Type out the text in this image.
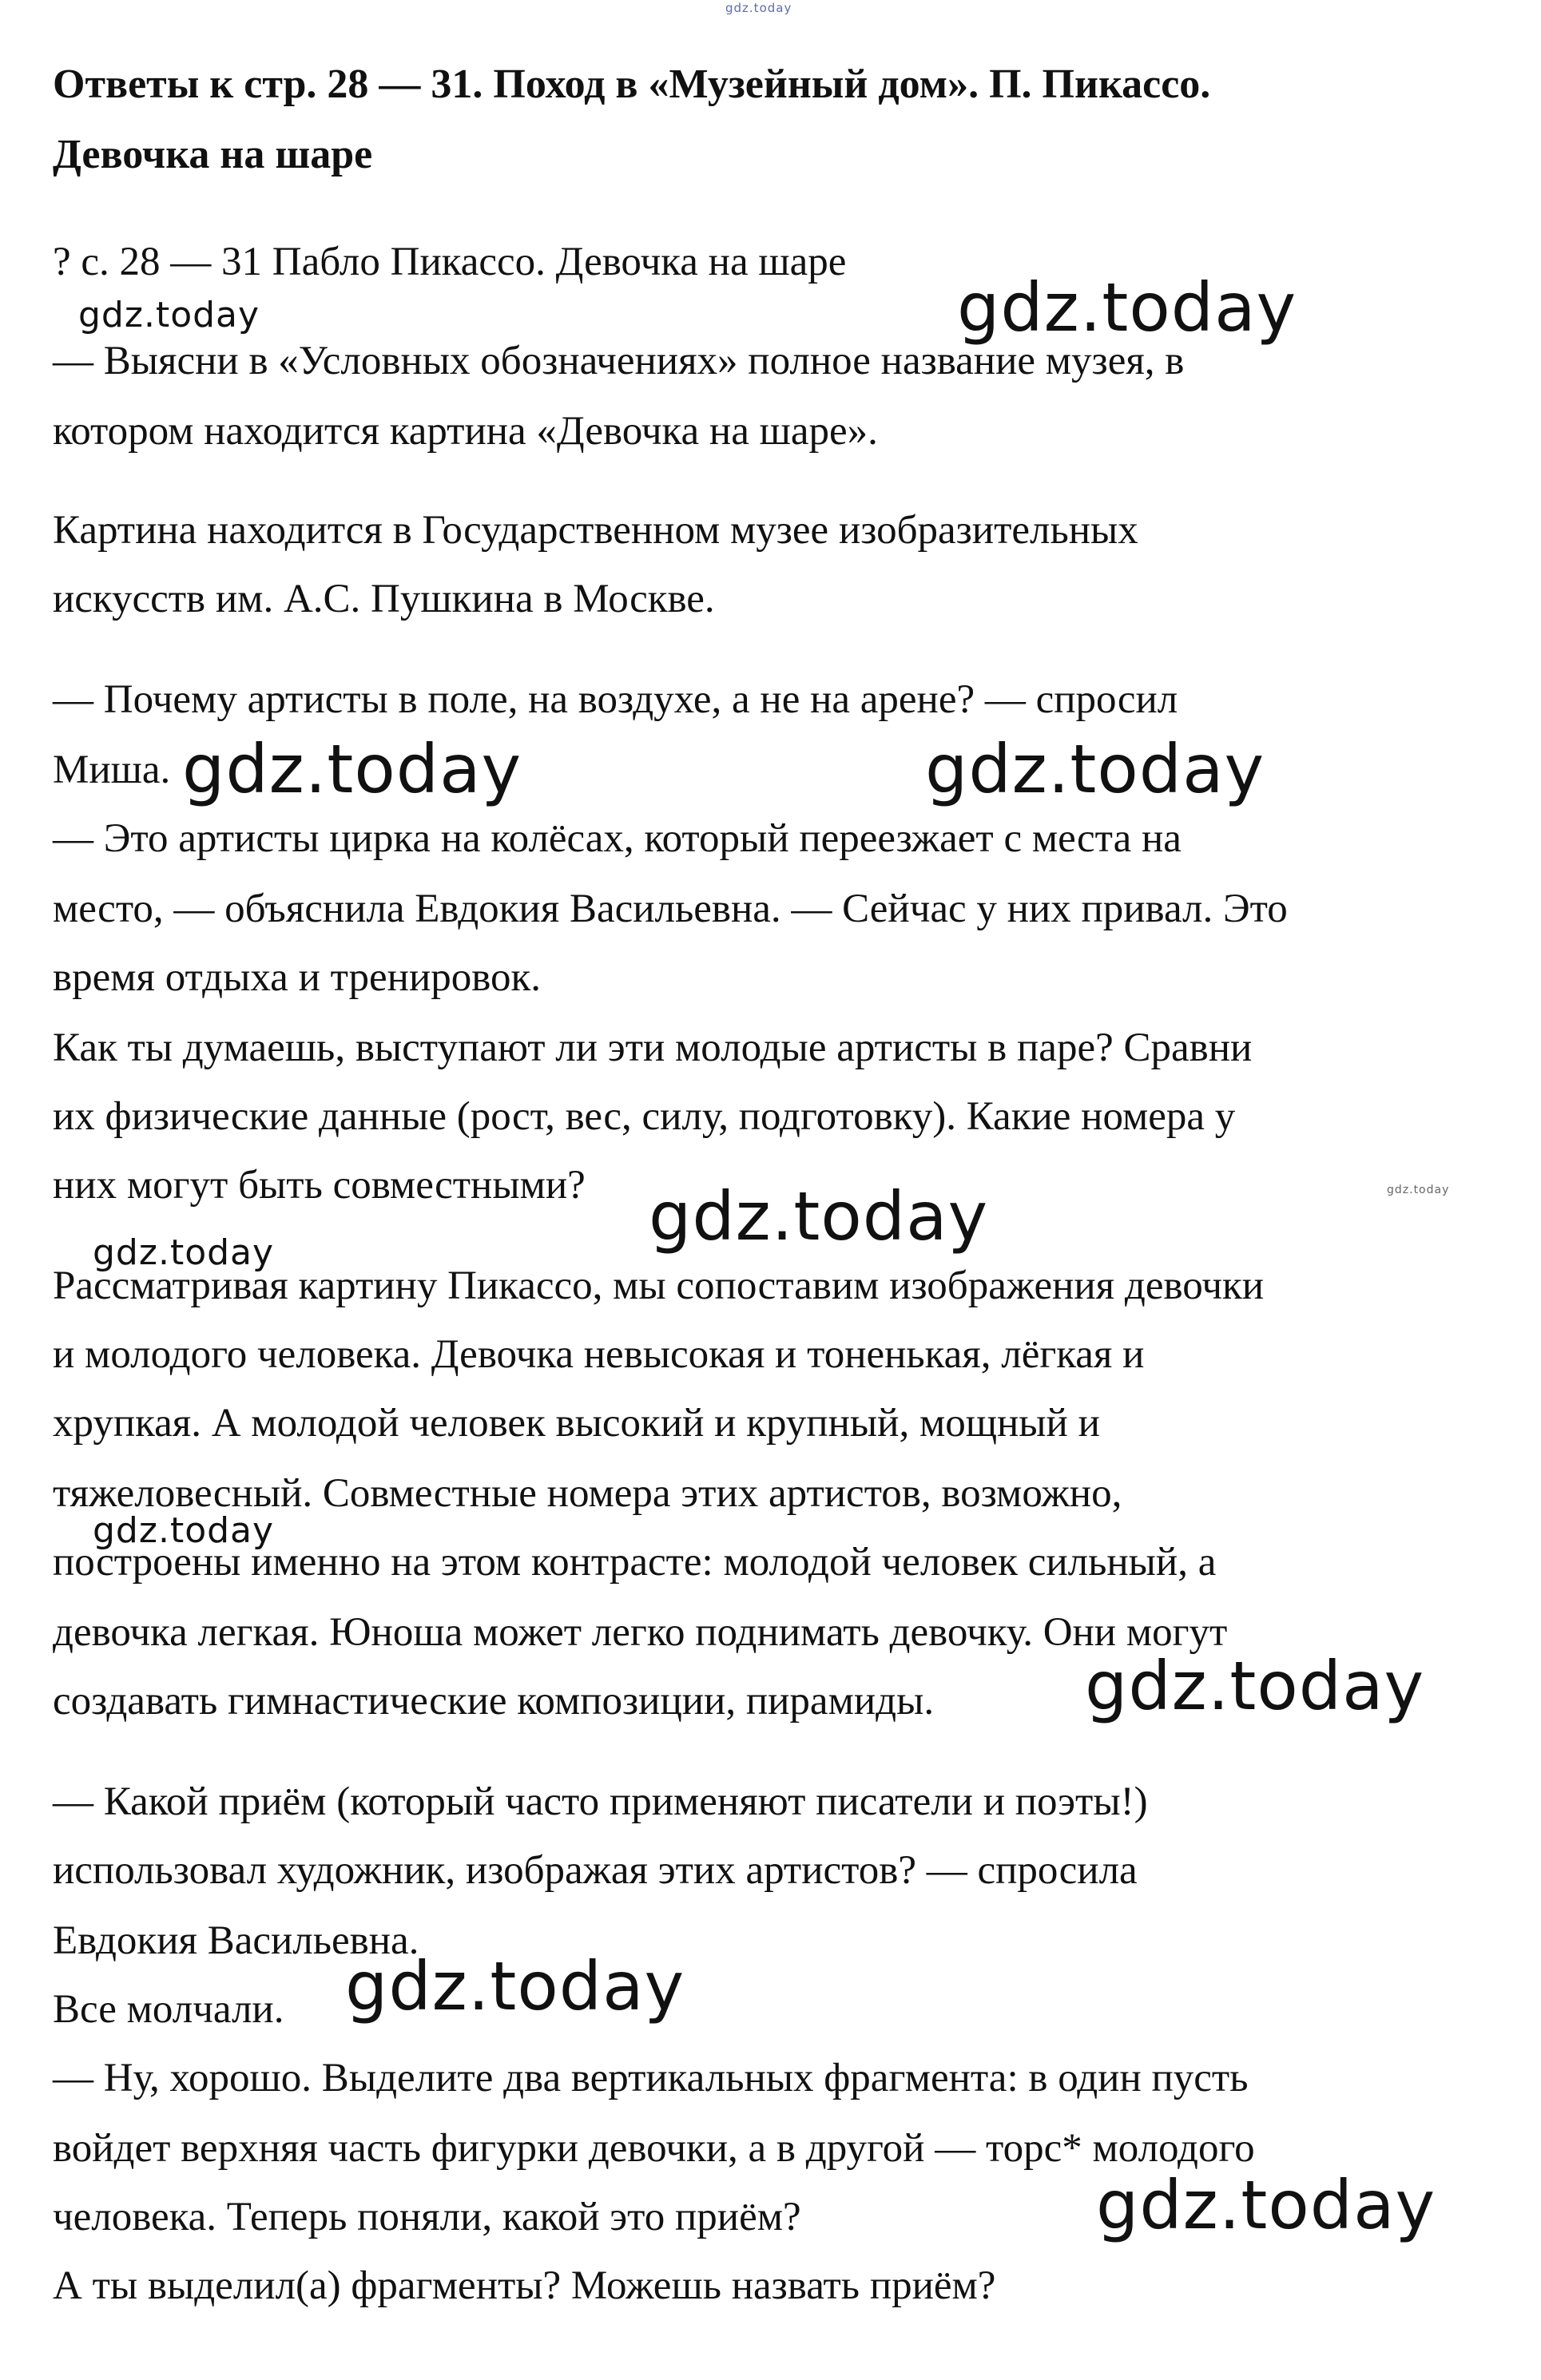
gdz.today
Ответы к стр. 28 — 31. Поход в «Музейный дом». П. Пикассо.
Девочка на шаре
? с. 28 — 31 Пабло Пикассо. Девочка на шаре
— Выясни в «Условных обозначениях» полное название музея, в
котором находится картина «Девочка на шаре».
Картина находится в Государственном музее изобразительных
искусств им. А.С. Пушкина в Москве.
— Почему артисты в поле, на воздухе, а не на арене? — спросил
Миша.
— Это артисты цирка на колёсах, который переезжает с места на
место, — объяснила Евдокия Васильевна. — Сейчас у них привал. Это
время отдыха и тренировок.
Как ты думаешь, выступают ли эти молодые артисты в паре? Сравни
их физические данные (рост, вес, силу, подготовку). Какие номера у
них могут быть совместными?
Рассматривая картину Пикассо, мы сопоставим изображения девочки
и молодого человека. Девочка невысокая и тоненькая, лёгкая и
хрупкая. А молодой человек высокий и крупный, мощный и
тяжеловесный. Совместные номера этих артистов, возможно,
построены именно на этом контрасте: молодой человек сильный, а
девочка легкая. Юноша может легко поднимать девочку. Они могут
создавать гимнастические композиции, пирамиды.
— Какой приём (который часто применяют писатели и поэты!)
использовал художник, изображая этих артистов? — спросила
Евдокия Васильевна.
Все молчали.
— Ну, хорошо. Выделите два вертикальных фрагмента: в один пусть
войдет верхняя часть фигурки девочки, а в другой — торс* молодого
человека. Теперь поняли, какой это приём?
А ты выделил(а) фрагменты? Можешь назвать приём?
gdz.today	gdz.today
gdz.today	gdz.today
gdz.today	gdz.today
gdz.today
gdz.today
gdz.today
gdz.today
gdz.today
